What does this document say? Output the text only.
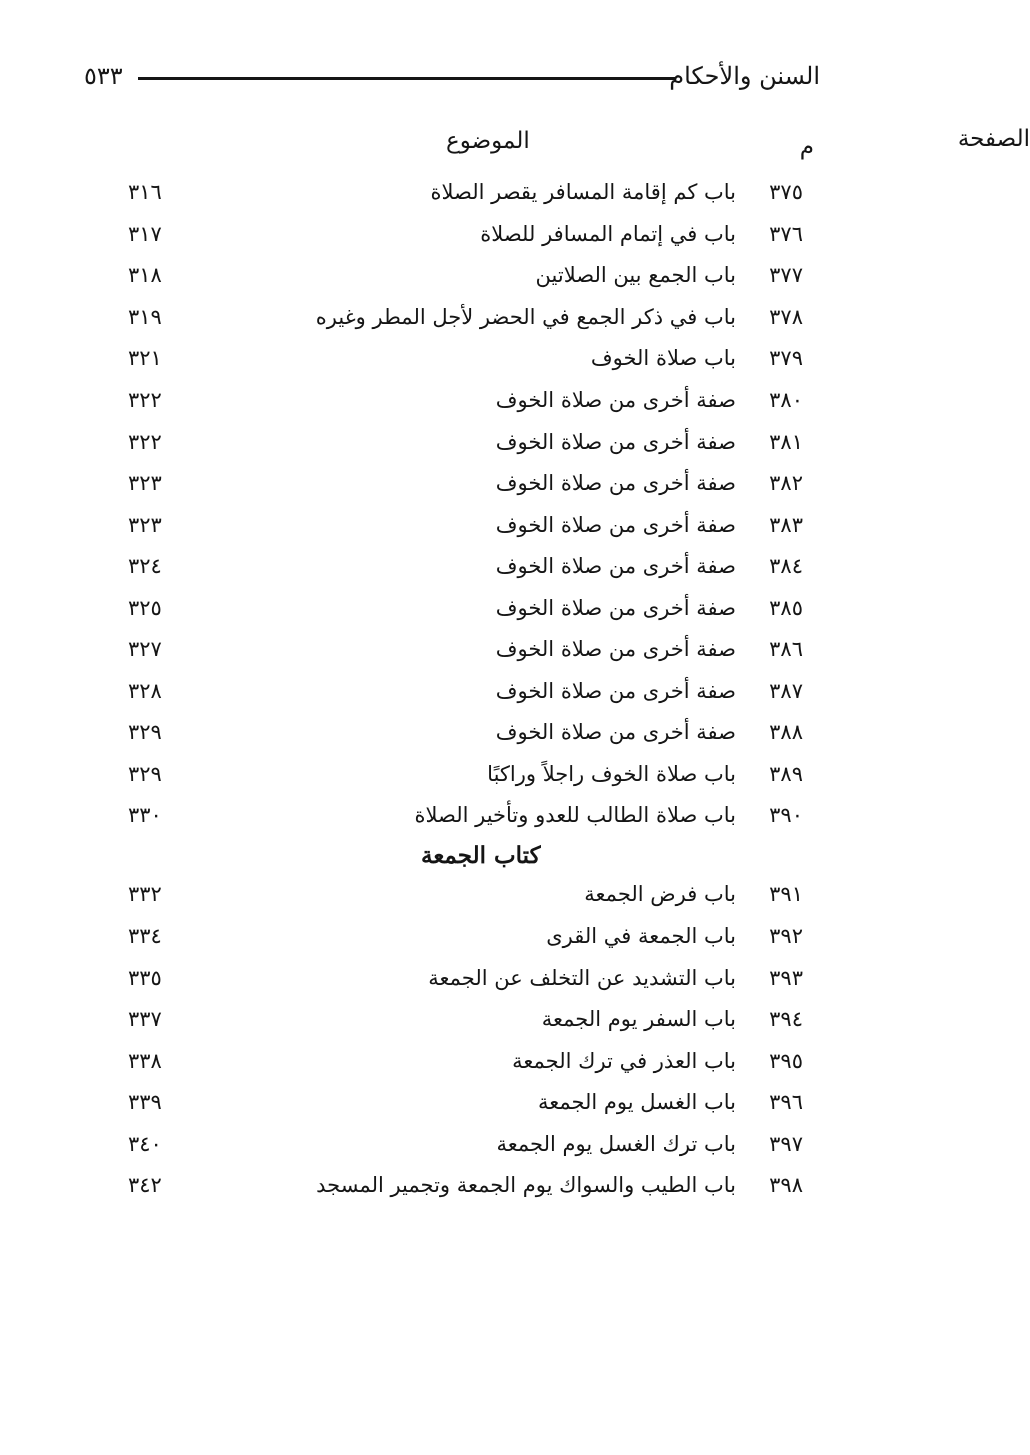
السنن والأحكام
٥٣٣
م
الموضوع	الصفحة
٣٧٥
باب كم إقامة المسافر يقصر الصلاة
٣١٦
٣٧٦
باب في إتمام المسافر للصلاة
٣١٧
٣٧٧
باب الجمع بين الصلاتين
٣١٨
٣٧٨
باب في ذكر الجمع في الحضر لأجل المطر وغيره
٣١٩
٣٧٩
باب صلاة الخوف
٣٢١
٣٨٠
صفة أخرى من صلاة الخوف
٣٢٢
٣٨١
صفة أخرى من صلاة الخوف
٣٢٢
٣٨٢
صفة أخرى من صلاة الخوف
٣٢٣
٣٨٣
صفة أخرى من صلاة الخوف
٣٢٣
٣٨٤
صفة أخرى من صلاة الخوف
٣٢٤
٣٨٥
صفة أخرى من صلاة الخوف
٣٢٥
٣٨٦
صفة أخرى من صلاة الخوف
٣٢٧
٣٨٧
صفة أخرى من صلاة الخوف
٣٢٨
٣٨٨
صفة أخرى من صلاة الخوف
٣٢٩
٣٨٩
باب صلاة الخوف راجلاً وراكبًا
٣٢٩
٣٩٠
باب صلاة الطالب للعدو وتأخير الصلاة
٣٣٠
كتاب الجمعة
٣٩١
باب فرض الجمعة
٣٣٢
٣٩٢
باب الجمعة في القرى
٣٣٤
٣٩٣
باب التشديد عن التخلف عن الجمعة
٣٣٥
٣٩٤
باب السفر يوم الجمعة
٣٣٧
٣٩٥
باب العذر في ترك الجمعة
٣٣٨
٣٩٦
باب الغسل يوم الجمعة
٣٣٩
٣٩٧
باب ترك الغسل يوم الجمعة
٣٤٠
٣٩٨
باب الطيب والسواك يوم الجمعة وتجمير المسجد
٣٤٢
